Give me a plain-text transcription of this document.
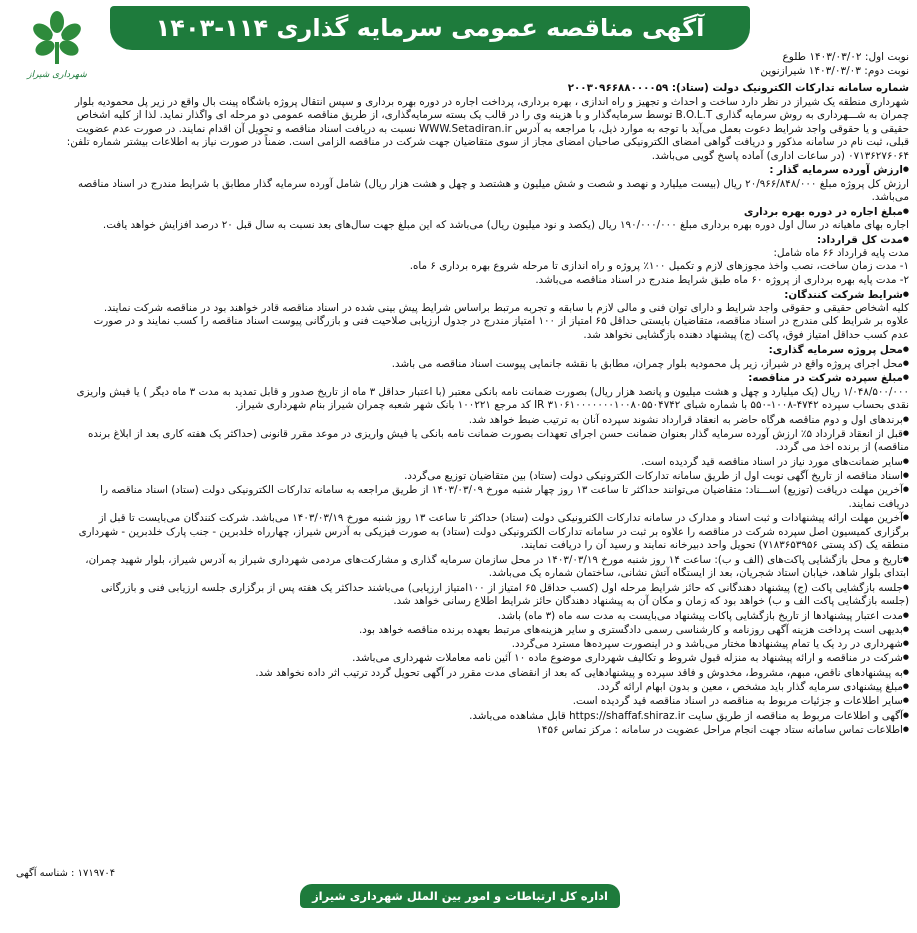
آگهی مناقصه عمومی سرمایه گذاری ۱۱۴-۱۴۰۳
شهرداری شیراز
نوبت اول: ۱۴۰۳/۰۳/۰۲ طلوع
نوبت دوم: ۱۴۰۳/۰۳/۰۳ شیرازنوین

شماره سامانه تدارکات الکترونیک دولت (ستاد): ۲۰۰۳۰۹۶۶۸۸۰۰۰۰۵۹

شهرداری منطقه یک شیراز در نظر دارد ساخت و احداث و تجهیز و راه اندازی ، بهره برداری، پرداخت اجاره در دوره بهره برداری و سپس انتقال پروژه باشگاه پینت بال واقع در زیر پل محمودیه بلوار

چمران به شـــهرداری به روش سرمایه گذاری B.O.L.T توسط سرمایه‌گذار و با هزینه وی را در قالب یک بسته سرمایه‌گذاری، از طریق مناقصه عمومی دو مرحله ای واگذار نماید. لذا از کلیه اشخاص

حقیقی و یا حقوقی واجد شرایط دعوت بعمل می‌آید با توجه به موارد ذیل، با مراجعه به آدرس WWW.Setadiran.ir نسبت به دریافت اسناد مناقصه و تحویل آن اقدام نمایند. در صورت عدم عضویت

قبلی، ثبت نام در سامانه مذکور و دریافت گواهی امضای الکترونیکی صاحبان امضای مجاز از سوی متقاضیان جهت شرکت در مناقصه الزامی است. ضمناً در صورت نیاز به اطلاعات بیشتر شماره تلفن:

۰۷۱۳۶۲۷۶۰۶۴ (در ساعات اداری) آماده پاسخ گویی می‌باشد.

● ارزش آورده سرمایه گذار :

ارزش کل پروژه مبلغ ۲۰/۹۶۶/۸۴۸/۰۰۰ ریال (بیست میلیارد و نهصد و شصت و شش میلیون و هشتصد و چهل و هشت هزار ریال) شامل آورده سرمایه گذار مطابق با شرایط مندرج در اسناد مناقصه

می‌باشد.

● مبلغ اجاره در دوره بهره برداری

اجاره بهای ماهیانه در سال اول دوره بهره برداری مبلغ ۱۹۰/۰۰۰/۰۰۰ ریال (یکصد و نود میلیون ریال) می‌باشد که این مبلغ جهت سال‌های بعد نسبت به سال قبل ۲۰ درصد افزایش خواهد یافت.

● مدت کل قرارداد:

مدت پایه قرارداد ۶۶ ماه شامل:

۱- مدت زمان ساخت، نصب واخذ مجوزهای لازم و تکمیل ۱۰۰٪ پروژه و راه اندازی تا مرحله شروع بهره برداری ۶ ماه.

۲- مدت پایه بهره برداری از پروژه ۶۰ ماه طبق شرایط مندرج در اسناد مناقصه می‌باشد.

● شرایط شرکت کنندگان:

کلیه اشخاص حقیقی و حقوقی واجد شرایط و دارای توان فنی و مالی لازم با سابقه و تجربه مرتبط براساس شرایط پیش بینی شده در اسناد مناقصه قادر خواهند بود در مناقصه شرکت نمایند.

علاوه بر شرایط کلی مندرج در اسناد مناقصه، متقاضیان بایستی حداقل ۶۵ امتیاز از ۱۰۰ امتیاز مندرج در جدول ارزیابی صلاحیت فنی و بازرگانی پیوست اسناد مناقصه را کسب نمایند و در صورت

عدم کسب حداقل امتیاز فوق، پاکت (ج) پیشنهاد دهنده بازگشایی نخواهد شد.

● محل پروژه سرمایه گذاری:

● محل اجرای پروژه واقع در شیراز، زیر پل محمودیه بلوار چمران، مطابق با نقشه جانمایی پیوست اسناد مناقصه می باشد.

● مبلغ سپرده شرکت در مناقصه:

۱/۰۴۸/۵۰۰/۰۰۰ ریال (یک میلیارد و چهل و هشت میلیون و پانصد هزار ریال) بصورت ضمانت نامه بانکی معتبر (با اعتبار حداقل ۳ ماه از تاریخ صدور و قابل تمدید به مدت ۳ ماه دیگر ) یا فیش واریزی

نقدی بحساب سپرده ۴۷۴۲-۱۰۰۸-۵۵۰ با شماره شبای IR ۳۱۰۶۱۰۰۰۰۰۰۰۱۰۰۸۰۵۵۰۴۷۴۲ کد مرجع ۱۰۰۲۲۱ بانک شهر شعبه چمران شیراز بنام شهرداری شیراز.

● برندهای اول و دوم مناقصه هرگاه حاضر به انعقاد قرارداد نشوند سپرده آنان به ترتیب ضبط خواهد شد.

● قبل از انعقاد قرارداد ۵٪ ارزش آورده سرمایه گذار بعنوان ضمانت حسن اجرای تعهدات بصورت ضمانت نامه بانکی یا فیش واریزی در موعد مقرر قانونی (حداکثر یک هفته کاری بعد از ابلاغ برنده

مناقصه) از برنده اخذ می گردد.

● سایر ضمانت‌های مورد نیاز در اسناد مناقصه قید گردیده است.

● اسناد مناقصه از تاریخ آگهی نوبت اول از طریق سامانه تدارکات الکترونیکی دولت (ستاد) بین متقاضیان توزیع می‌گردد.

● آخرین مهلت دریافت (توزیع) اســـناد: متقاضیان می‌توانند حداکثر تا ساعت ۱۳ روز چهار شنبه مورخ ۱۴۰۳/۰۳/۰۹ از طریق مراجعه به سامانه تدارکات الکترونیکی دولت (ستاد) اسناد مناقصه را

دریافت نمایند.

● آخرین مهلت ارائه پیشنهادات و ثبت اسناد و مدارک در سامانه تدارکات الکترونیکی دولت (ستاد) حداکثر تا ساعت ۱۳ روز شنبه مورخ ۱۴۰۳/۰۳/۱۹ می‌باشد. شرکت کنندگان می‌بایست تا قبل از

برگزاری کمیسیون اصل سپرده شرکت در مناقصه را علاوه بر ثبت در سامانه تدارکات الکترونیکی دولت (ستاد) به صورت فیزیکی به آدرس شیراز، چهارراه خلدبرین - جنب پارک خلدبرین - شهرداری

منطقه یک (کد پستی ۷۱۸۳۶۵۳۹۵۶) تحویل واحد دبیرخانه نمایند و رسید آن را دریافت نمایند.

● تاریخ و محل بازگشایی پاکت‌های (الف و ب): ساعت ۱۴ روز شنبه مورخ ۱۴۰۳/۰۳/۱۹ در محل سازمان سرمایه گذاری و مشارکت‌های مردمی شهرداری شیراز به آدرس شیراز، بلوار شهید چمران،

ابتدای بلوار شاهد، خیابان استاد شجریان، بعد از ایستگاه آتش نشانی، ساختمان شماره یک می‌باشد.

● جلسه بازگشایی پاکت (ج) پیشنهاد دهندگانی که حائز شرایط مرحله اول (کسب حداقل ۶۵ امتیاز از ۱۰۰امتیاز ارزیابی) می‌باشند حداکثر یک هفته پس از برگزاری جلسه ارزیابی فنی و بازرگانی

(جلسه بازگشایی پاکت الف و ب) خواهد بود که زمان و مکان آن به پیشنهاد دهندگان حائز شرایط اطلاع رسانی خواهد شد.

● مدت اعتبار پیشنهادها از تاریخ بازگشایی پاکات پیشنهاد می‌بایست به مدت سه ماه (۳ ماه) باشد.

● بدیهی است پرداخت هزینه آگهی روزنامه و کارشناسی رسمی دادگستری و سایر هزینه‌های مرتبط بعهده برنده مناقصه خواهد بود.

● شهرداری در رد یک یا تمام پیشنهادها مختار می‌باشد و در اینصورت سپرده‌ها مسترد می‌گردد.

● شرکت در مناقصه و ارائه پیشنهاد به منزله قبول شروط و تکالیف شهرداری موضوع ماده ۱۰ آئین نامه معاملات شهرداری می‌باشد.

● به پیشنهادهای ناقص، مبهم، مشروط، مخدوش و فاقد سپرده و پیشنهادهایی که بعد از انقضای مدت مقرر در آگهی تحویل گردد ترتیب اثر داده نخواهد شد.

● مبلغ پیشنهادی سرمایه گذار باید مشخص ، معین و بدون ابهام ارائه گردد.

● سایر اطلاعات و جزئیات مربوط به مناقصه در اسناد مناقصه قید گردیده است.

● آگهی و اطلاعات مربوط به مناقصه از طریق سایت https://shaffaf.shiraz.ir قابل مشاهده می‌باشد.

● اطلاعات تماس سامانه ستاد جهت انجام مراحل عضویت در سامانه : مرکز تماس ۱۴۵۶

۱۷۱۹۷۰۴ : شناسه آگهی
اداره کل ارتباطات و امور بین الملل شهرداری شیراز
